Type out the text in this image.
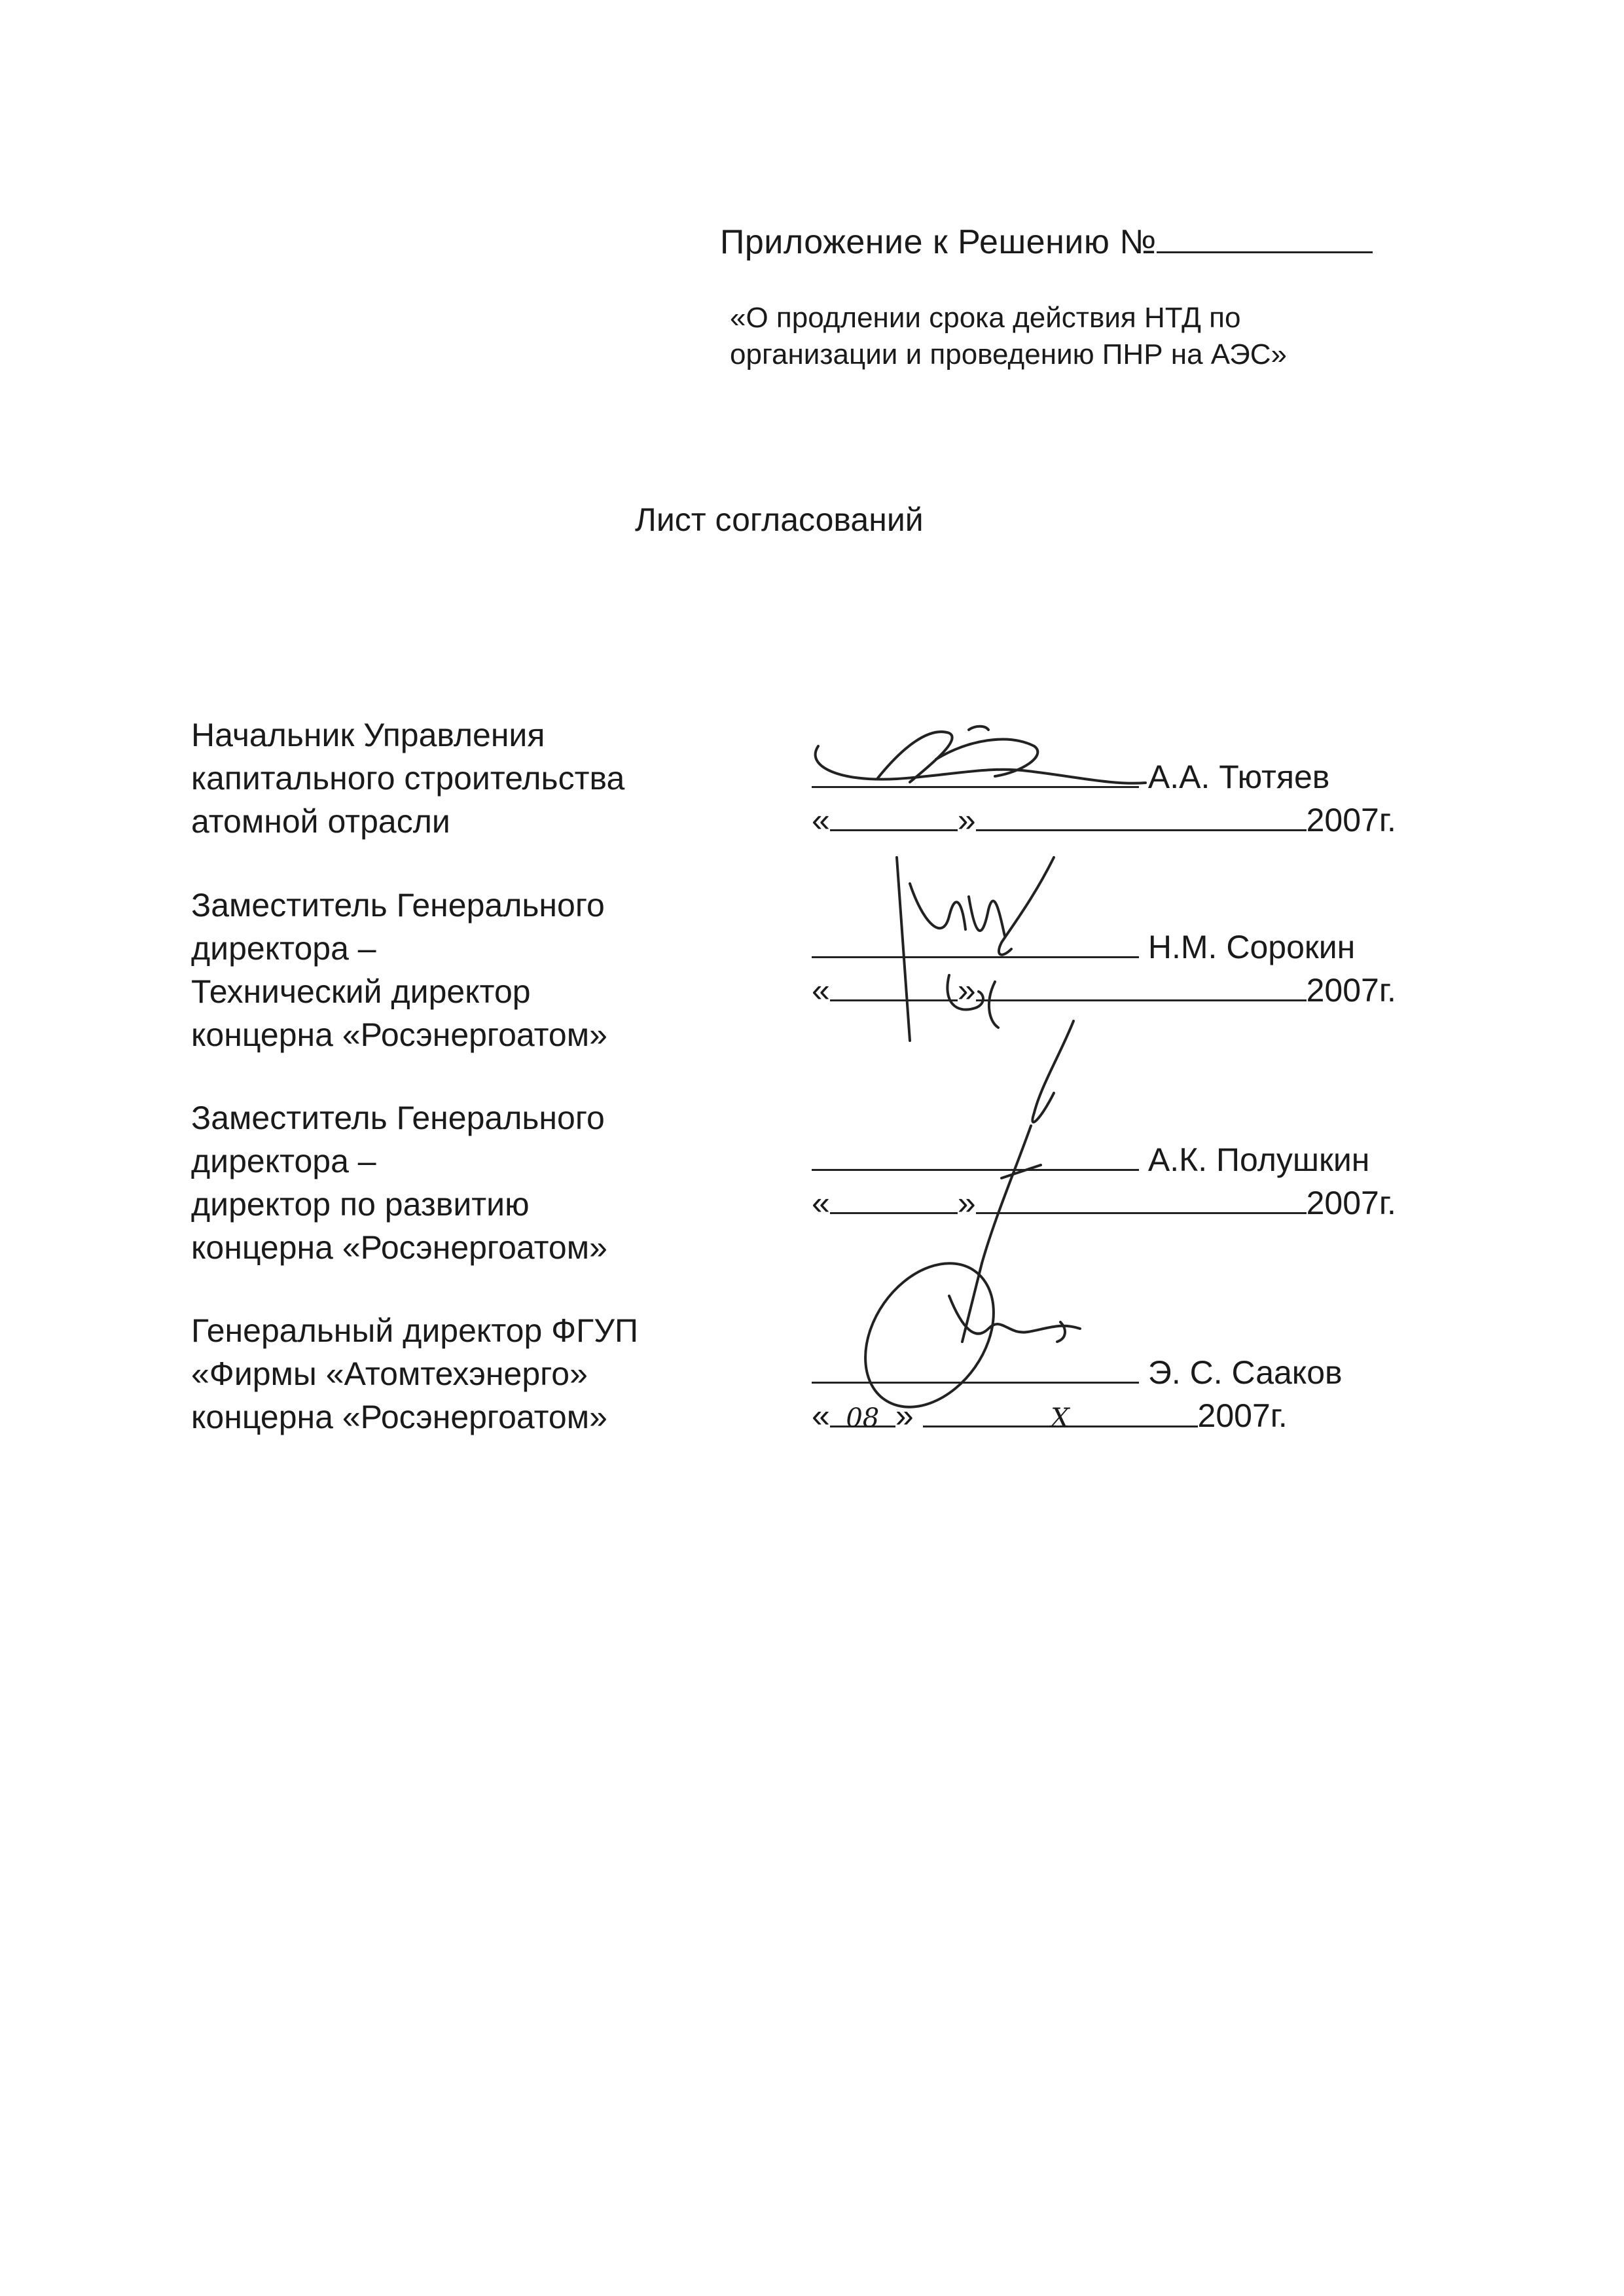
Приложение к Решению №
«О продлении срока действия НТД по
организации и проведению ПНР на АЭС»
Лист согласований
Начальник Управления
капитального строительства
атомной отрасли
А.А. Тютяев
«	»	2007г.
Заместитель Генерального
директора –
Технический директор
концерна «Росэнергоатом»
Н.М. Сорокин
«	»	2007г.
Заместитель Генерального
директора –
директор по развитию
концерна «Росэнергоатом»
А.К. Полушкин
«	»	2007г.
Генеральный директор ФГУП
«Фирмы «Атомтехэнерго»
концерна «Росэнергоатом»
Э. С. Сааков
« 08 »	X	2007г.
